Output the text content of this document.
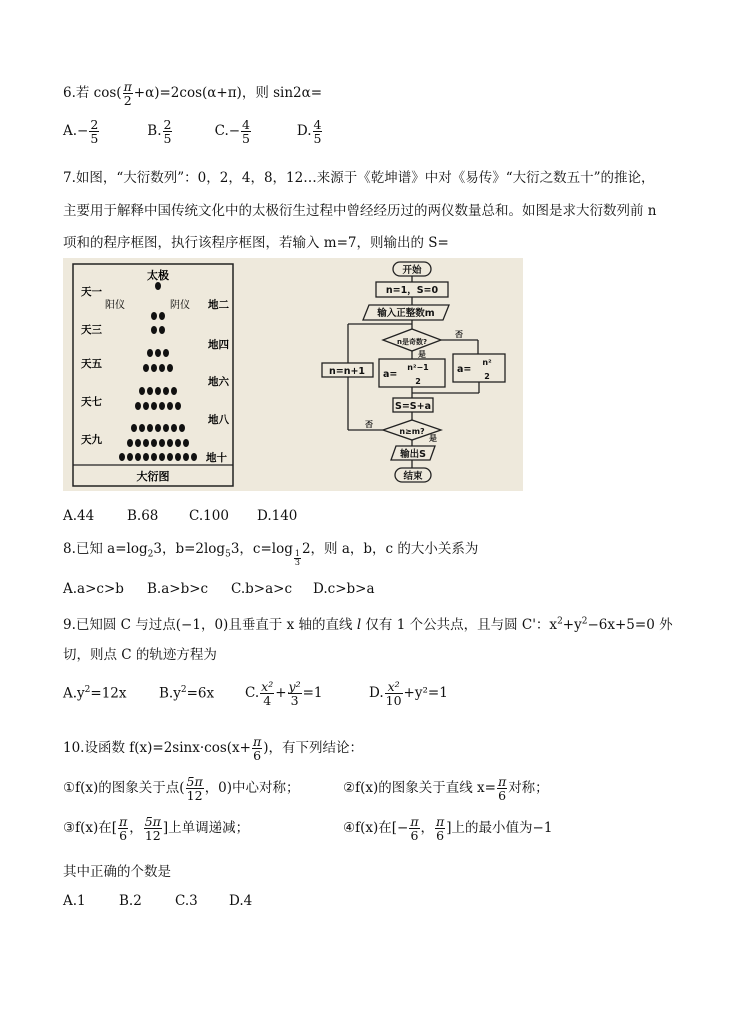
6.若 $\cos( \frac{\pi}{2} +\alpha)=2\cos(\alpha+\pi)$，则 sin2α=
$A.- \frac{2}{5}$	B. $\frac{2}{5}$	$C.- \frac{4}{5}$	D. $\frac{4}{5}$
7.如图，“大衍数列”：0，2，4，8，12…来源于《乾坤谱》中对《易传》“大衍之数五十”的推论，
主要用于解释中国传统文化中的太极衍生过程中曾经经历过的两仪数量总和。如图是求大衍数列前 n
项和的程序框图，执行该程序框图，若输入 m=7，则输出的 S=
大衍图
太极
阳仪	阴仪
天一
天三
天五
天七
天九
地二
地四
地六
地八
地十
开始
n=1，S=0
输入正整数m
n是奇数?
是
否
a=
n²−1
2
a=
n²
2
n=n+1
S=S+a
n≥m?
否
是
输出S
结束
A.44 B.68 C.100 D.140
8.已知 $a=\log_23$，$b=2\log_53$，c=log
$\frac{1}{3}$
2，则 a，b，c 的大小关系为
A.a>c>b B.a>b>c C.b>a>c D.c>b>a
9.已知圆 C 与过点(−1，0)且垂直于 x 轴的直线 l 仅有 1 个公共点，且与圆 C'：$x^2+y^2-6x+5=0$ 外
切，则点 C 的轨迹方程为
$A.y^2=12x$ $B.y^2=6x$ C. $\frac{\text{x²}}{4} + \frac{\text{y²}}{3} =1$	D. $\frac{\text{x²}}{10} +y^2=1$
10.设函数 $f(x)=2\sin x\cdot\cos(x+ \frac{\pi}{6}$ )，有下列结论：
①f(x)的图象关于点( $\frac{5\pi}{12}$ ，0)中心对称；	②f(x)的图象关于直线 $x= \frac{\pi}{6}$ 对称；
③f(x)在[ $\frac{\pi}{6}$ ， $\frac{5\pi}{12}$ ]上单调递减；	④f(x)在[− $\frac{\pi}{6}$ ， $\frac{\pi}{6}$ ]上的最小值为−1
其中正确的个数是
A.1 B.2 C.3 D.4
